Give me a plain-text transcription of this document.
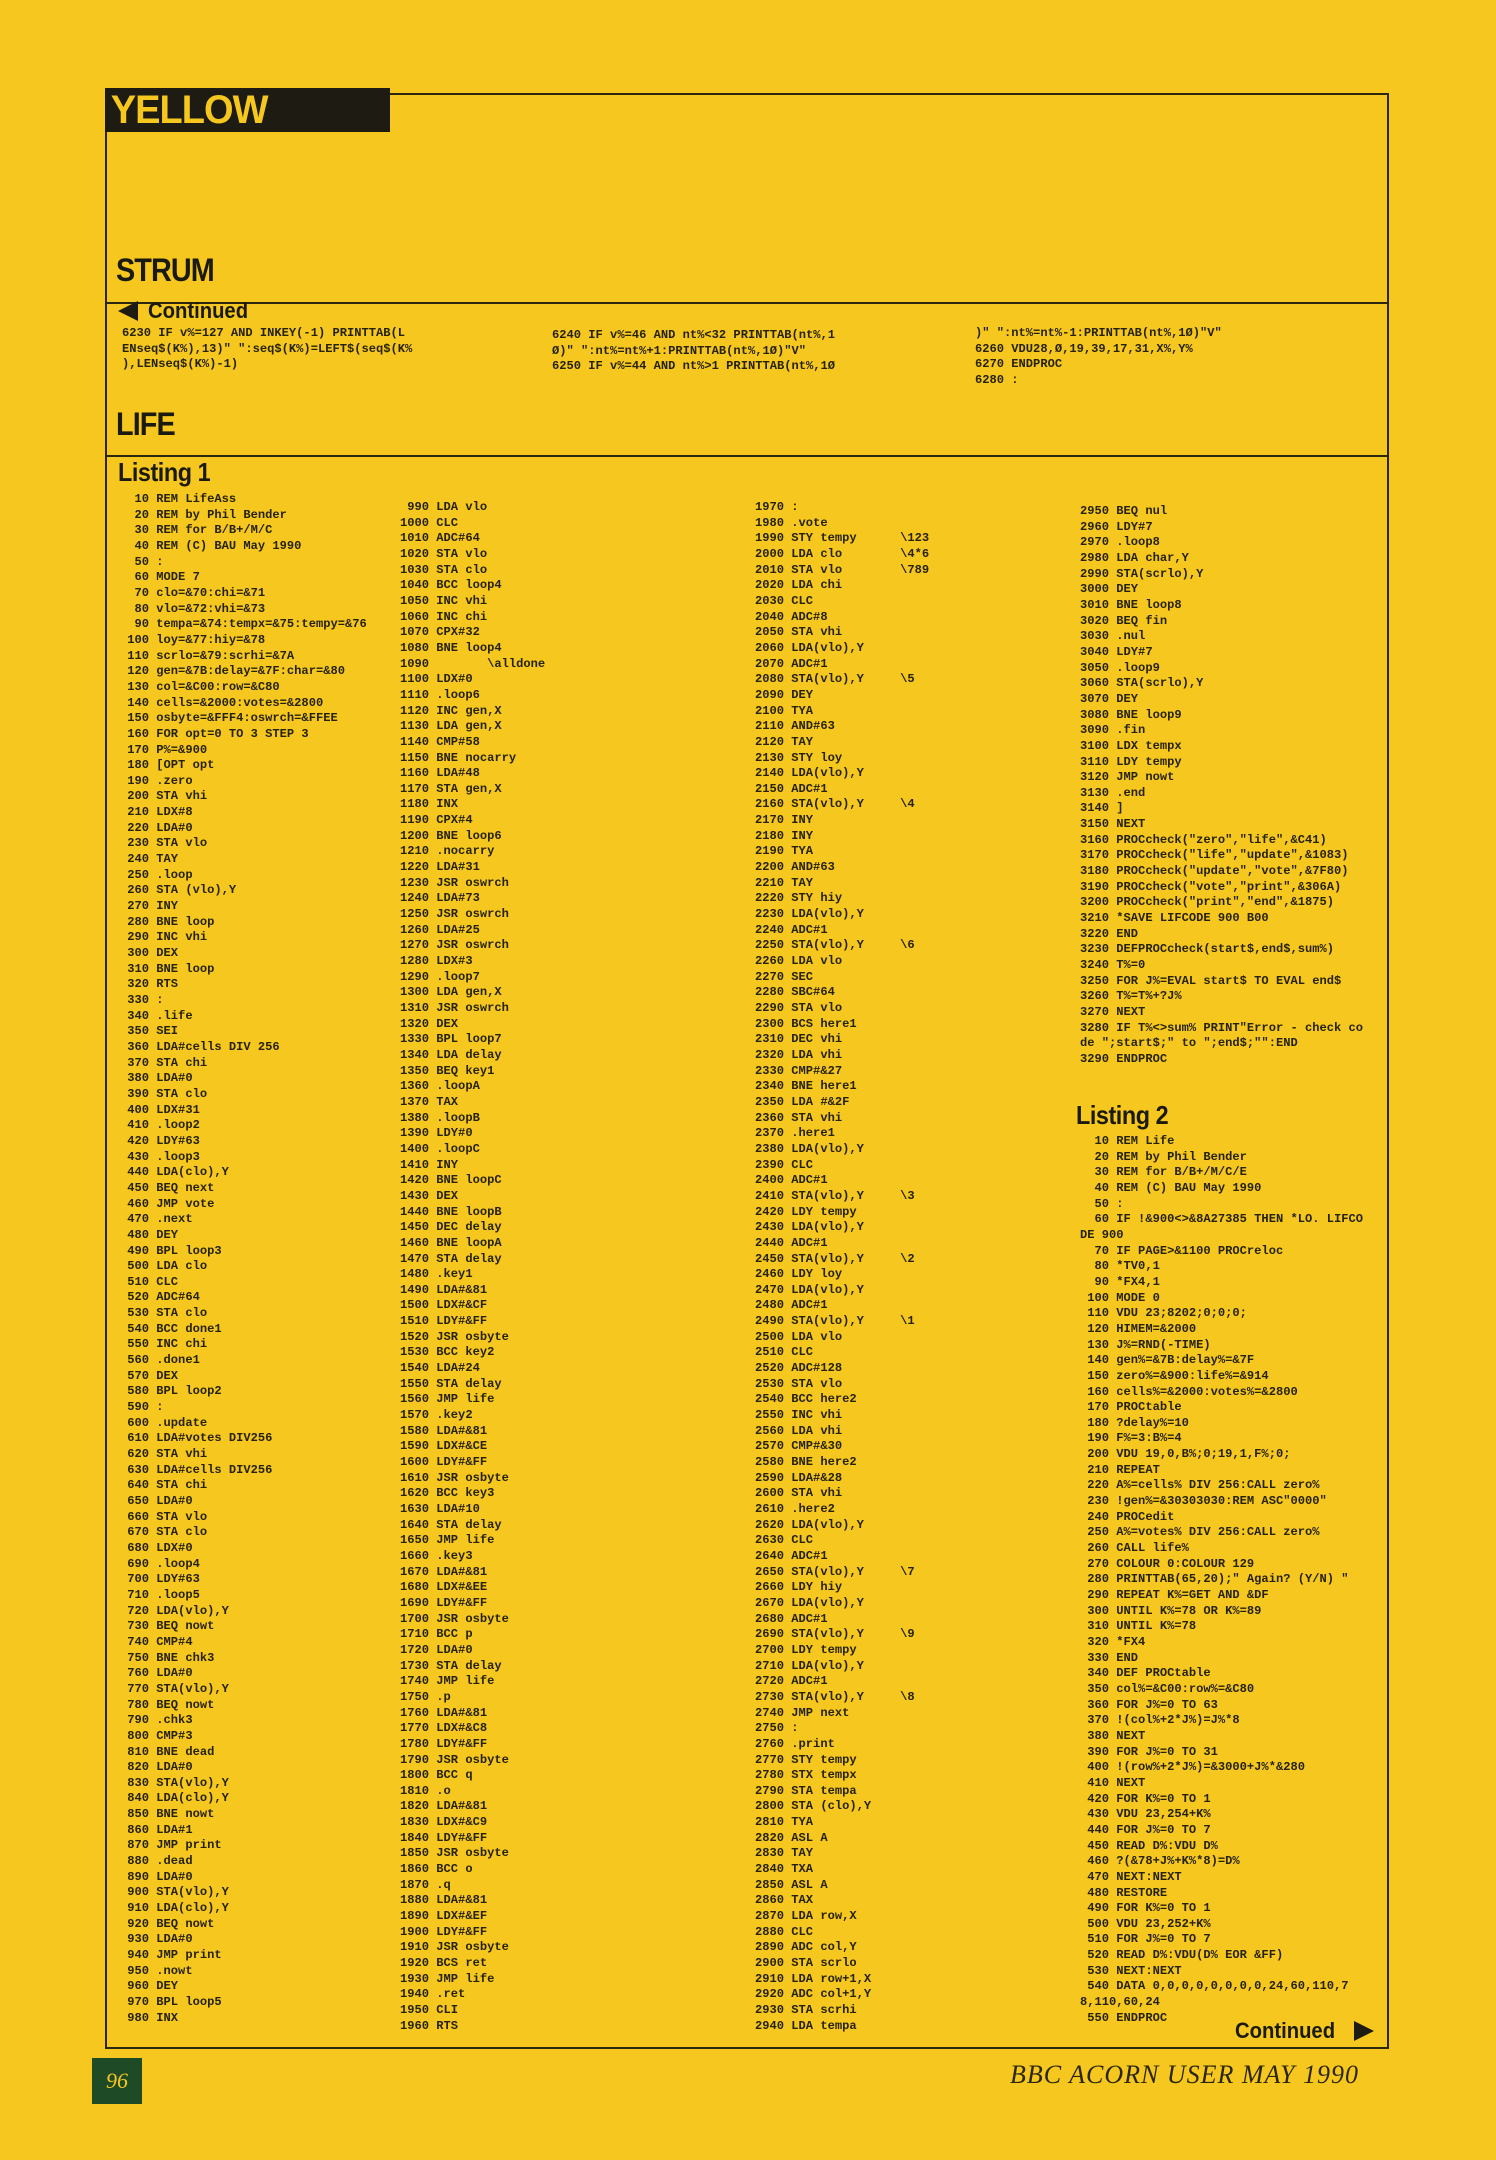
YELLOW PAGES
STRUM
Continued
6230 IF v%=127 AND INKEY(-1) PRINTTAB(L
ENseq$(K%),13)" ":seq$(K%)=LEFT$(seq$(K%
),LENseq$(K%)-1)
6240 IF v%=46 AND nt%<32 PRINTTAB(nt%,1
Ø)" ":nt%=nt%+1:PRINTTAB(nt%,1Ø)"V"
6250 IF v%=44 AND nt%>1 PRINTTAB(nt%,1Ø
)" ":nt%=nt%-1:PRINTTAB(nt%,1Ø)"V"
6260 VDU28,Ø,19,39,17,31,X%,Y%
6270 ENDPROC
6280 :
LIFE
Listing 1
10 REM LifeAss
20 REM by Phil Bender
30 REM for B/B+/M/C
40 REM (C) BAU May 1990
50 :
60 MODE 7
70 clo=&70:chi=&71
80 vlo=&72:vhi=&73
90 tempa=&74:tempx=&75:tempy=&76
100 loy=&77:hiy=&78
110 scrlo=&79:scrhi=&7A
120 gen=&7B:delay=&7F:char=&80
130 col=&C00:row=&C80
140 cells=&2000:votes=&2800
150 osbyte=&FFF4:oswrch=&FFEE
160 FOR opt=0 TO 3 STEP 3
170 P%=&900
180 [OPT opt
190 .zero
200 STA vhi
210 LDX#8
220 LDA#0
230 STA vlo
240 TAY
250 .loop
260 STA (vlo),Y
270 INY
280 BNE loop
290 INC vhi
300 DEX
310 BNE loop
320 RTS
330 :
340 .life
350 SEI
360 LDA#cells DIV 256
370 STA chi
380 LDA#0
390 STA clo
400 LDX#31
410 .loop2
420 LDY#63
430 .loop3
440 LDA(clo),Y
450 BEQ next
460 JMP vote
470 .next
480 DEY
490 BPL loop3
500 LDA clo
510 CLC
520 ADC#64
530 STA clo
540 BCC done1
550 INC chi
560 .done1
570 DEX
580 BPL loop2
590 :
600 .update
610 LDA#votes DIV256
620 STA vhi
630 LDA#cells DIV256
640 STA chi
650 LDA#0
660 STA vlo
670 STA clo
680 LDX#0
690 .loop4
700 LDY#63
710 .loop5
720 LDA(vlo),Y
730 BEQ nowt
740 CMP#4
750 BNE chk3
760 LDA#0
770 STA(vlo),Y
780 BEQ nowt
790 .chk3
800 CMP#3
810 BNE dead
820 LDA#0
830 STA(vlo),Y
840 LDA(clo),Y
850 BNE nowt
860 LDA#1
870 JMP print
880 .dead
890 LDA#0
900 STA(vlo),Y
910 LDA(clo),Y
920 BEQ nowt
930 LDA#0
940 JMP print
950 .nowt
960 DEY
970 BPL loop5
980 INX
990 LDA vlo
1000 CLC
1010 ADC#64
1020 STA vlo
1030 STA clo
1040 BCC loop4
1050 INC vhi
1060 INC chi
1070 CPX#32
1080 BNE loop4
1090        \alldone
1100 LDX#0
1110 .loop6
1120 INC gen,X
1130 LDA gen,X
1140 CMP#58
1150 BNE nocarry
1160 LDA#48
1170 STA gen,X
1180 INX
1190 CPX#4
1200 BNE loop6
1210 .nocarry
1220 LDA#31
1230 JSR oswrch
1240 LDA#73
1250 JSR oswrch
1260 LDA#25
1270 JSR oswrch
1280 LDX#3
1290 .loop7
1300 LDA gen,X
1310 JSR oswrch
1320 DEX
1330 BPL loop7
1340 LDA delay
1350 BEQ key1
1360 .loopA
1370 TAX
1380 .loopB
1390 LDY#0
1400 .loopC
1410 INY
1420 BNE loopC
1430 DEX
1440 BNE loopB
1450 DEC delay
1460 BNE loopA
1470 STA delay
1480 .key1
1490 LDA#&81
1500 LDX#&CF
1510 LDY#&FF
1520 JSR osbyte
1530 BCC key2
1540 LDA#24
1550 STA delay
1560 JMP life
1570 .key2
1580 LDA#&81
1590 LDX#&CE
1600 LDY#&FF
1610 JSR osbyte
1620 BCC key3
1630 LDA#10
1640 STA delay
1650 JMP life
1660 .key3
1670 LDA#&81
1680 LDX#&EE
1690 LDY#&FF
1700 JSR osbyte
1710 BCC p
1720 LDA#0
1730 STA delay
1740 JMP life
1750 .p
1760 LDA#&81
1770 LDX#&C8
1780 LDY#&FF
1790 JSR osbyte
1800 BCC q
1810 .o
1820 LDA#&81
1830 LDX#&C9
1840 LDY#&FF
1850 JSR osbyte
1860 BCC o
1870 .q
1880 LDA#&81
1890 LDX#&EF
1900 LDY#&FF
1910 JSR osbyte
1920 BCS ret
1930 JMP life
1940 .ret
1950 CLI
1960 RTS
1970 :
1980 .vote
1990 STY tempy      \123
2000 LDA clo        \4*6
2010 STA vlo        \789
2020 LDA chi
2030 CLC
2040 ADC#8
2050 STA vhi
2060 LDA(vlo),Y
2070 ADC#1
2080 STA(vlo),Y     \5
2090 DEY
2100 TYA
2110 AND#63
2120 TAY
2130 STY loy
2140 LDA(vlo),Y
2150 ADC#1
2160 STA(vlo),Y     \4
2170 INY
2180 INY
2190 TYA
2200 AND#63
2210 TAY
2220 STY hiy
2230 LDA(vlo),Y
2240 ADC#1
2250 STA(vlo),Y     \6
2260 LDA vlo
2270 SEC
2280 SBC#64
2290 STA vlo
2300 BCS here1
2310 DEC vhi
2320 LDA vhi
2330 CMP#&27
2340 BNE here1
2350 LDA #&2F
2360 STA vhi
2370 .here1
2380 LDA(vlo),Y
2390 CLC
2400 ADC#1
2410 STA(vlo),Y     \3
2420 LDY tempy
2430 LDA(vlo),Y
2440 ADC#1
2450 STA(vlo),Y     \2
2460 LDY loy
2470 LDA(vlo),Y
2480 ADC#1
2490 STA(vlo),Y     \1
2500 LDA vlo
2510 CLC
2520 ADC#128
2530 STA vlo
2540 BCC here2
2550 INC vhi
2560 LDA vhi
2570 CMP#&30
2580 BNE here2
2590 LDA#&28
2600 STA vhi
2610 .here2
2620 LDA(vlo),Y
2630 CLC
2640 ADC#1
2650 STA(vlo),Y     \7
2660 LDY hiy
2670 LDA(vlo),Y
2680 ADC#1
2690 STA(vlo),Y     \9
2700 LDY tempy
2710 LDA(vlo),Y
2720 ADC#1
2730 STA(vlo),Y     \8
2740 JMP next
2750 :
2760 .print
2770 STY tempy
2780 STX tempx
2790 STA tempa
2800 STA (clo),Y
2810 TYA
2820 ASL A
2830 TAY
2840 TXA
2850 ASL A
2860 TAX
2870 LDA row,X
2880 CLC
2890 ADC col,Y
2900 STA scrlo
2910 LDA row+1,X
2920 ADC col+1,Y
2930 STA scrhi
2940 LDA tempa
2950 BEQ nul
2960 LDY#7
2970 .loop8
2980 LDA char,Y
2990 STA(scrlo),Y
3000 DEY
3010 BNE loop8
3020 BEQ fin
3030 .nul
3040 LDY#7
3050 .loop9
3060 STA(scrlo),Y
3070 DEY
3080 BNE loop9
3090 .fin
3100 LDX tempx
3110 LDY tempy
3120 JMP nowt
3130 .end
3140 ]
3150 NEXT
3160 PROCcheck("zero","life",&C41)
3170 PROCcheck("life","update",&1083)
3180 PROCcheck("update","vote",&7F80)
3190 PROCcheck("vote","print",&306A)
3200 PROCcheck("print","end",&1875)
3210 *SAVE LIFCODE 900 B00
3220 END
3230 DEFPROCcheck(start$,end$,sum%)
3240 T%=0
3250 FOR J%=EVAL start$ TO EVAL end$
3260 T%=T%+?J%
3270 NEXT
3280 IF T%<>sum% PRINT"Error - check co
de ";start$;" to ";end$;"":END
3290 ENDPROC
Listing 2
10 REM Life
20 REM by Phil Bender
30 REM for B/B+/M/C/E
40 REM (C) BAU May 1990
50 :
60 IF !&900<>&8A27385 THEN *LO. LIFCO
DE 900
70 IF PAGE>&1100 PROCreloc
80 *TV0,1
90 *FX4,1
100 MODE 0
110 VDU 23;8202;0;0;0;
120 HIMEM=&2000
130 J%=RND(-TIME)
140 gen%=&7B:delay%=&7F
150 zero%=&900:life%=&914
160 cells%=&2000:votes%=&2800
170 PROCtable
180 ?delay%=10
190 F%=3:B%=4
200 VDU 19,0,B%;0;19,1,F%;0;
210 REPEAT
220 A%=cells% DIV 256:CALL zero%
230 !gen%=&30303030:REM ASC"0000"
240 PROCedit
250 A%=votes% DIV 256:CALL zero%
260 CALL life%
270 COLOUR 0:COLOUR 129
280 PRINTTAB(65,20);" Again? (Y/N) "
290 REPEAT K%=GET AND &DF
300 UNTIL K%=78 OR K%=89
310 UNTIL K%=78
320 *FX4
330 END
340 DEF PROCtable
350 col%=&C00:row%=&C80
360 FOR J%=0 TO 63
370 !(col%+2*J%)=J%*8
380 NEXT
390 FOR J%=0 TO 31
400 !(row%+2*J%)=&3000+J%*&280
410 NEXT
420 FOR K%=0 TO 1
430 VDU 23,254+K%
440 FOR J%=0 TO 7
450 READ D%:VDU D%
460 ?(&78+J%+K%*8)=D%
470 NEXT:NEXT
480 RESTORE
490 FOR K%=0 TO 1
500 VDU 23,252+K%
510 FOR J%=0 TO 7
520 READ D%:VDU(D% EOR &FF)
530 NEXT:NEXT
540 DATA 0,0,0,0,0,0,0,0,24,60,110,7
8,110,60,24
550 ENDPROC
Continued
96	BBC ACORN USER MAY 1990
